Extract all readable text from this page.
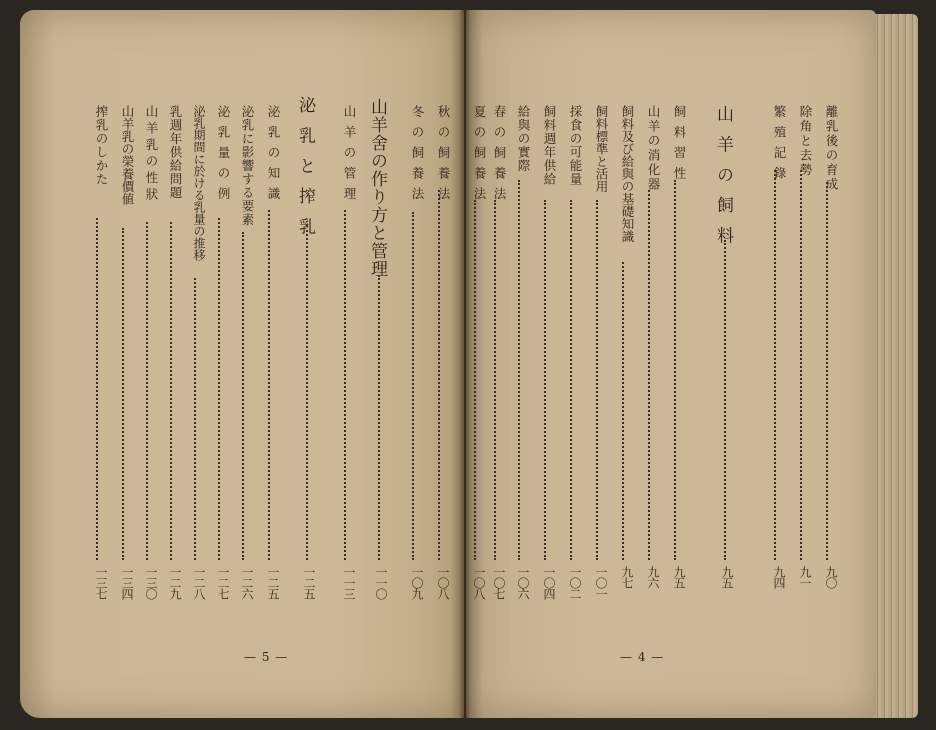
離乳後の育成
九〇
除角と去勢
九一
繁 殖 記 錄
九四
山 羊 の 飼 料
九五
飼 料 習 性
九五
山羊の消化器
九六
飼料及び給與の基礎知識
九七
飼料標準と活用
一〇一
採食の可能量
一〇二
飼料週年供給
一〇四
給與の實際
一〇六
春 の 飼 養 法
一〇七
夏 の 飼 養 法
一〇八
— 4 —
秋 の 飼 養 法
一〇八
冬 の 飼 養 法
一〇九
山羊舍の作り方と管理
一一〇
山 羊 の 管 理
一一三
泌 乳 と 搾 乳
一二五
泌 乳 の 知 識
一二五
泌乳に影響する要素
一二六
泌 乳 量 の 例
一二七
泌乳期間に於ける乳量の推移
一二八
乳週年供給問題
一二九
山 羊 乳 の 性 狀
一三〇
山羊乳の榮養價値
一三四
搾乳のしかた
一三七
— 5 —
